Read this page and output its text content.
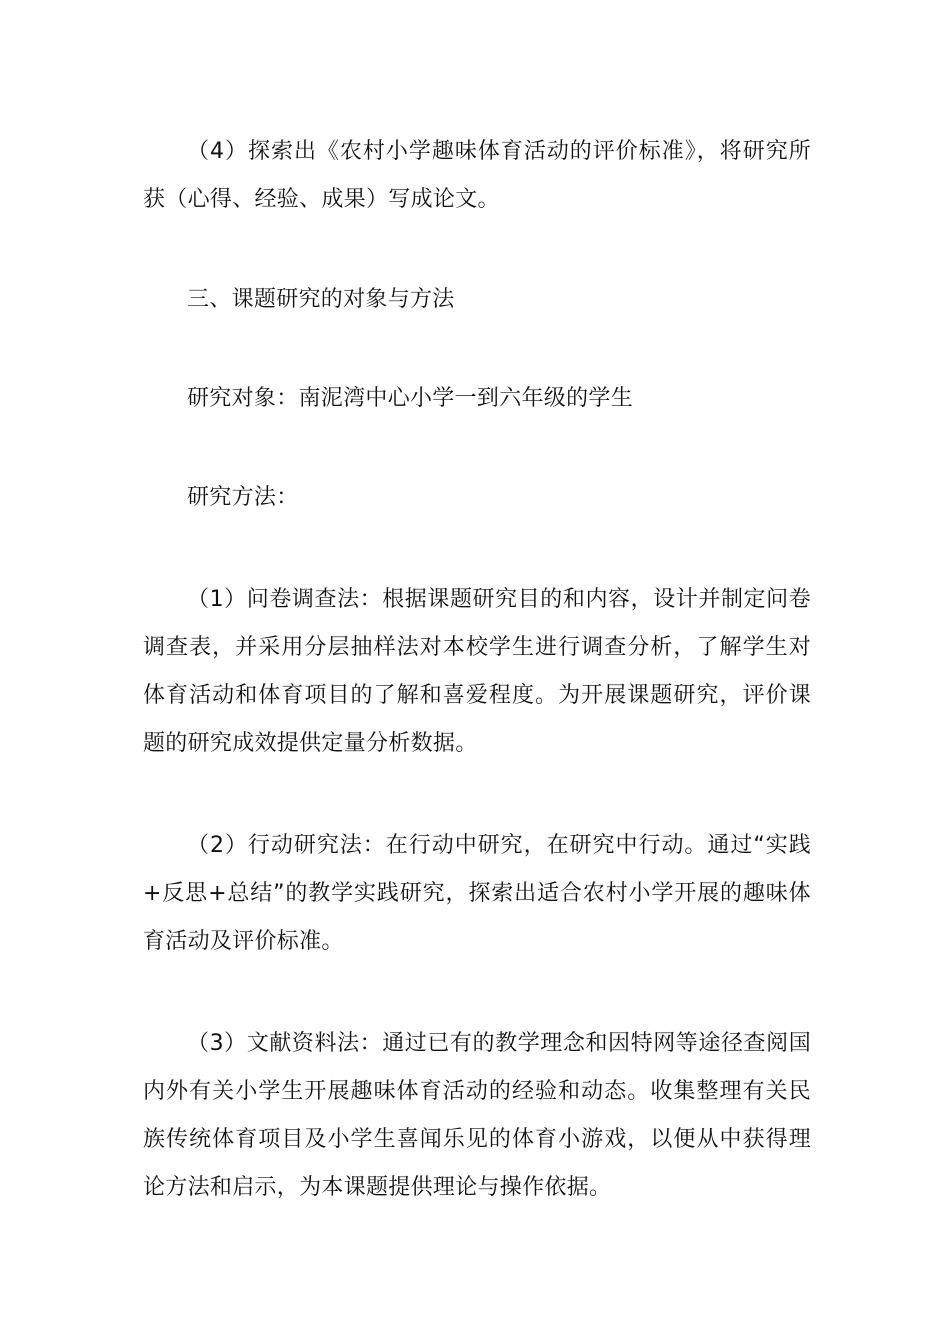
（4）探索出《农村小学趣味体育活动的评价标准》，将研究所获（心得、经验、成果）写成论文。

三、课题研究的对象与方法

研究对象：南泥湾中心小学一到六年级的学生

研究方法：

（1）问卷调查法：根据课题研究目的和内容，设计并制定问卷调查表，并采用分层抽样法对本校学生进行调查分析，了解学生对体育活动和体育项目的了解和喜爱程度。为开展课题研究，评价课题的研究成效提供定量分析数据。

（2）行动研究法：在行动中研究，在研究中行动。通过“实践+反思+总结”的教学实践研究，探索出适合农村小学开展的趣味体育活动及评价标准。

（3）文献资料法：通过已有的教学理念和因特网等途径查阅国内外有关小学生开展趣味体育活动的经验和动态。收集整理有关民族传统体育项目及小学生喜闻乐见的体育小游戏，以便从中获得理论方法和启示，为本课题提供理论与操作依据。
